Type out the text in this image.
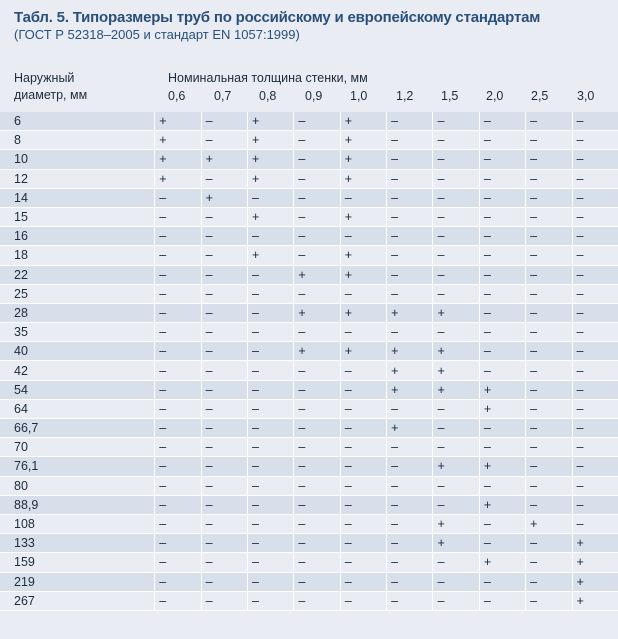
Табл. 5. Типоразмеры труб по российскому и европейскому стандартам
(ГОСТ Р 52318–2005 и стандарт EN 1057:1999)
Наружный
диаметр, мм
Номинальная толщина стенки, мм
0,6 0,7 0,8 0,9 1,0 1,2 1,5 2,0 2,5 3,0
6	+	–	+	–	+	–	–	–	–	–
8	+	–	+	–	+	–	–	–	–	–
10	+	+	+	–	+	–	–	–	–	–
12	+	–	+	–	+	–	–	–	–	–
14	–	+	–	–	–	–	–	–	–	–
15	–	–	+	–	+	–	–	–	–	–
16	–	–	–	–	–	–	–	–	–	–
18	–	–	+	–	+	–	–	–	–	–
22	–	–	–	+	+	–	–	–	–	–
25	–	–	–	–	–	–	–	–	–	–
28	–	–	–	+	+	+	+	–	–	–
35	–	–	–	–	–	–	–	–	–	–
40	–	–	–	+	+	+	+	–	–	–
42	–	–	–	–	–	+	+	–	–	–
54	–	–	–	–	–	+	+	+	–	–
64	–	–	–	–	–	–	–	+	–	–
66,7	–	–	–	–	–	+	–	–	–	–
70	–	–	–	–	–	–	–	–	–	–
76,1	–	–	–	–	–	–	+	+	–	–
80	–	–	–	–	–	–	–	–	–	–
88,9	–	–	–	–	–	–	–	+	–	–
108	–	–	–	–	–	–	+	–	+	–
133	–	–	–	–	–	–	+	–	–	+
159	–	–	–	–	–	–	–	+	–	+
219	–	–	–	–	–	–	–	–	–	+
267	–	–	–	–	–	–	–	–	–	+
